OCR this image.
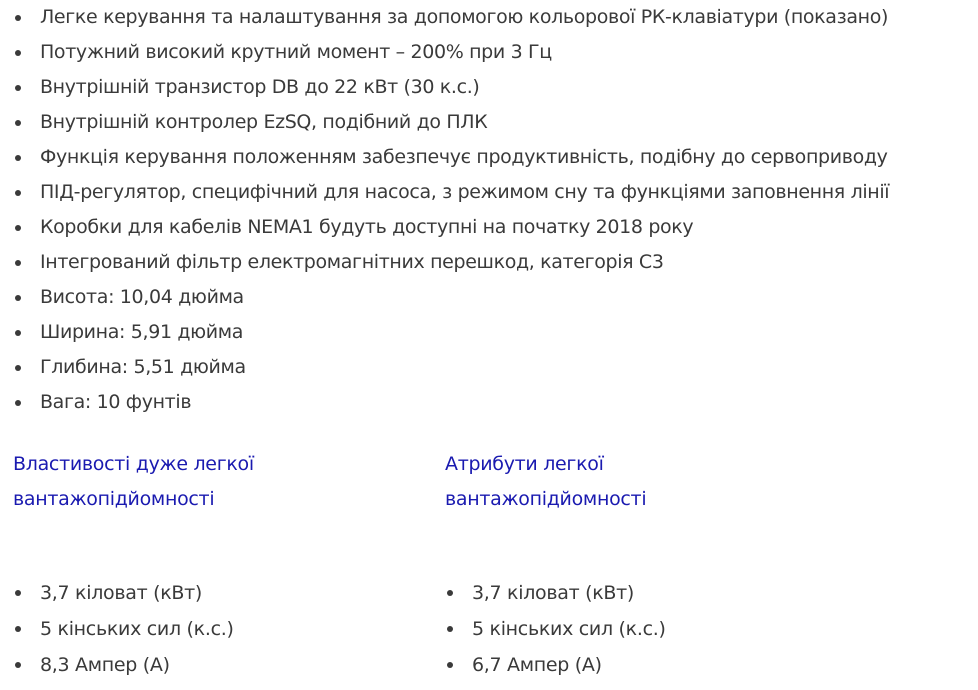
Легке керування та налаштування за допомогою кольорової РК-клавіатури (показано)
Потужний високий крутний момент – 200% при 3 Гц
Внутрішній транзистор DB до 22 кВт (30 к.с.)
Внутрішній контролер EzSQ, подібний до ПЛК
Функція керування положенням забезпечує продуктивність, подібну до сервоприводу
ПІД-регулятор, специфічний для насоса, з режимом сну та функціями заповнення лінії
Коробки для кабелів NEMA1 будуть доступні на початку 2018 року
Інтегрований фільтр електромагнітних перешкод, категорія C3
Висота: 10,04 дюйма
Ширина: 5,91 дюйма
Глибина: 5,51 дюйма
Вага: 10 фунтів
Властивості дуже легкої
вантажопідйомності
3,7 кіловат (кВт)
5 кінських сил (к.с.)
8,3 Ампер (А)
Атрибути легкої
вантажопідйомності
3,7 кіловат (кВт)
5 кінських сил (к.с.)
6,7 Ампер (А)
